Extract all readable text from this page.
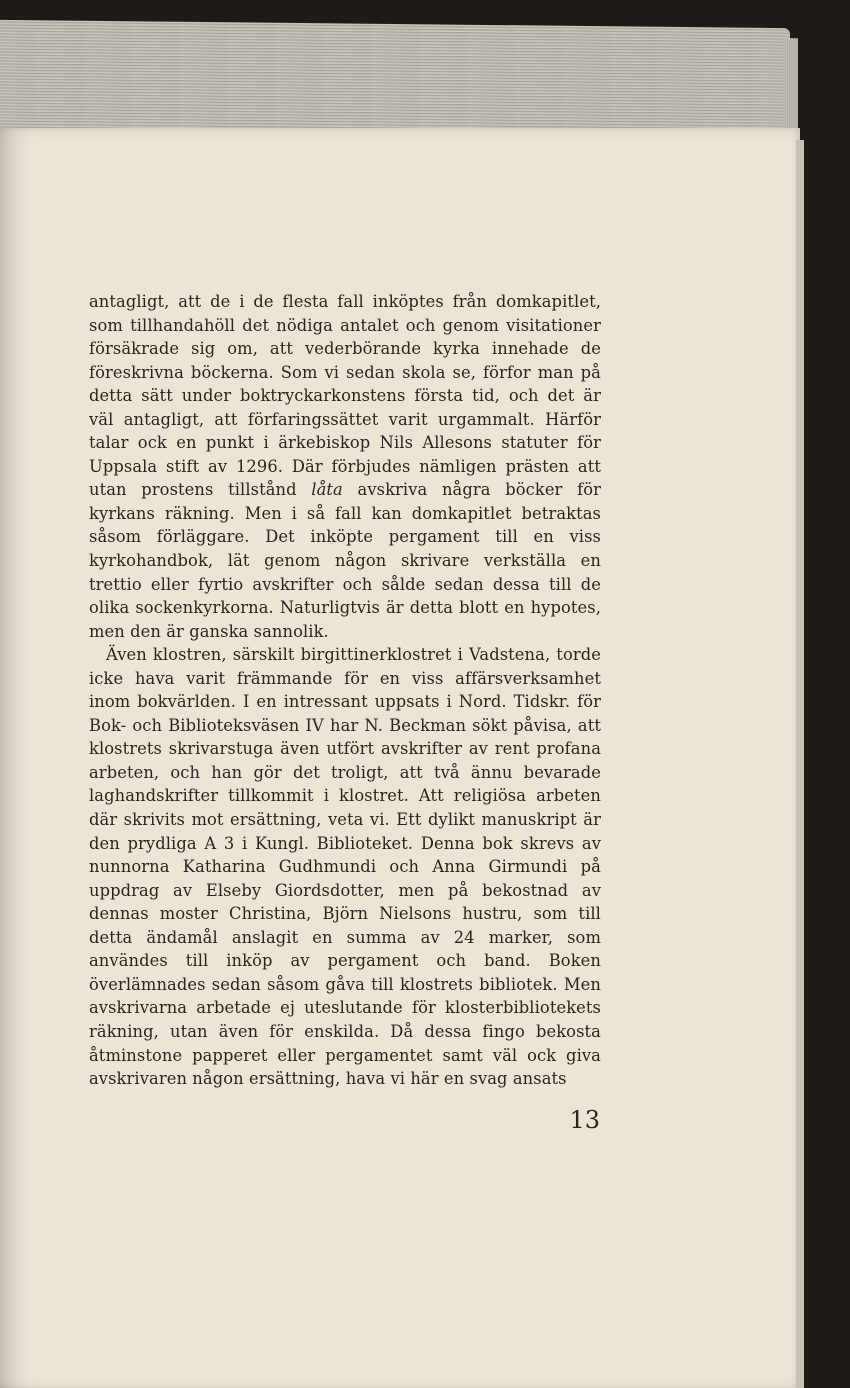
antagligt, att de i de flesta fall inköptes från domkapitlet, som tillhandahöll det nödiga antalet och genom visitationer försäkrade sig om, att vederbörande kyrka innehade de föreskrivna böckerna. Som vi sedan skola se, förfor man på detta sätt under boktryckarkonstens första tid, och det är väl antagligt, att förfaringssättet varit urgammalt. Härför talar ock en punkt i ärkebiskop Nils Allesons statuter för Uppsala stift av 1296. Där förbjudes nämligen prästen att utan prostens tillstånd låta avskriva några böcker för kyrkans räkning. Men i så fall kan domkapitlet betraktas såsom förläggare. Det inköpte pergament till en viss kyrkohandbok, lät genom någon skrivare verkställa en trettio eller fyrtio avskrifter och sålde sedan dessa till de olika sockenkyrkorna. Naturligtvis är detta blott en hypotes, men den är ganska sannolik.

Även klostren, särskilt birgittinerklostret i Vadstena, torde icke hava varit främmande för en viss affärsverksamhet inom bokvärlden. I en intressant uppsats i Nord. Tidskr. för Bok- och Biblioteksväsen IV har N. Beckman sökt påvisa, att klostrets skrivarstuga även utfört avskrifter av rent profana arbeten, och han gör det troligt, att två ännu bevarade laghandskrifter tillkommit i klostret. Att religiösa arbeten där skrivits mot ersättning, veta vi. Ett dylikt manuskript är den prydliga A 3 i Kungl. Biblioteket. Denna bok skrevs av nunnorna Katharina Gudhmundi och Anna Girmundi på uppdrag av Elseby Giordsdotter, men på bekostnad av dennas moster Christina, Björn Nielsons hustru, som till detta ändamål anslagit en summa av 24 marker, som användes till inköp av pergament och band. Boken överlämnades sedan såsom gåva till klostrets bibliotek. Men avskrivarna arbetade ej uteslutande för klosterbibliotekets räkning, utan även för enskilda. Då dessa fingo bekosta åtminstone papperet eller pergamentet samt väl ock giva avskrivaren någon ersättning, hava vi här en svag ansats

13
